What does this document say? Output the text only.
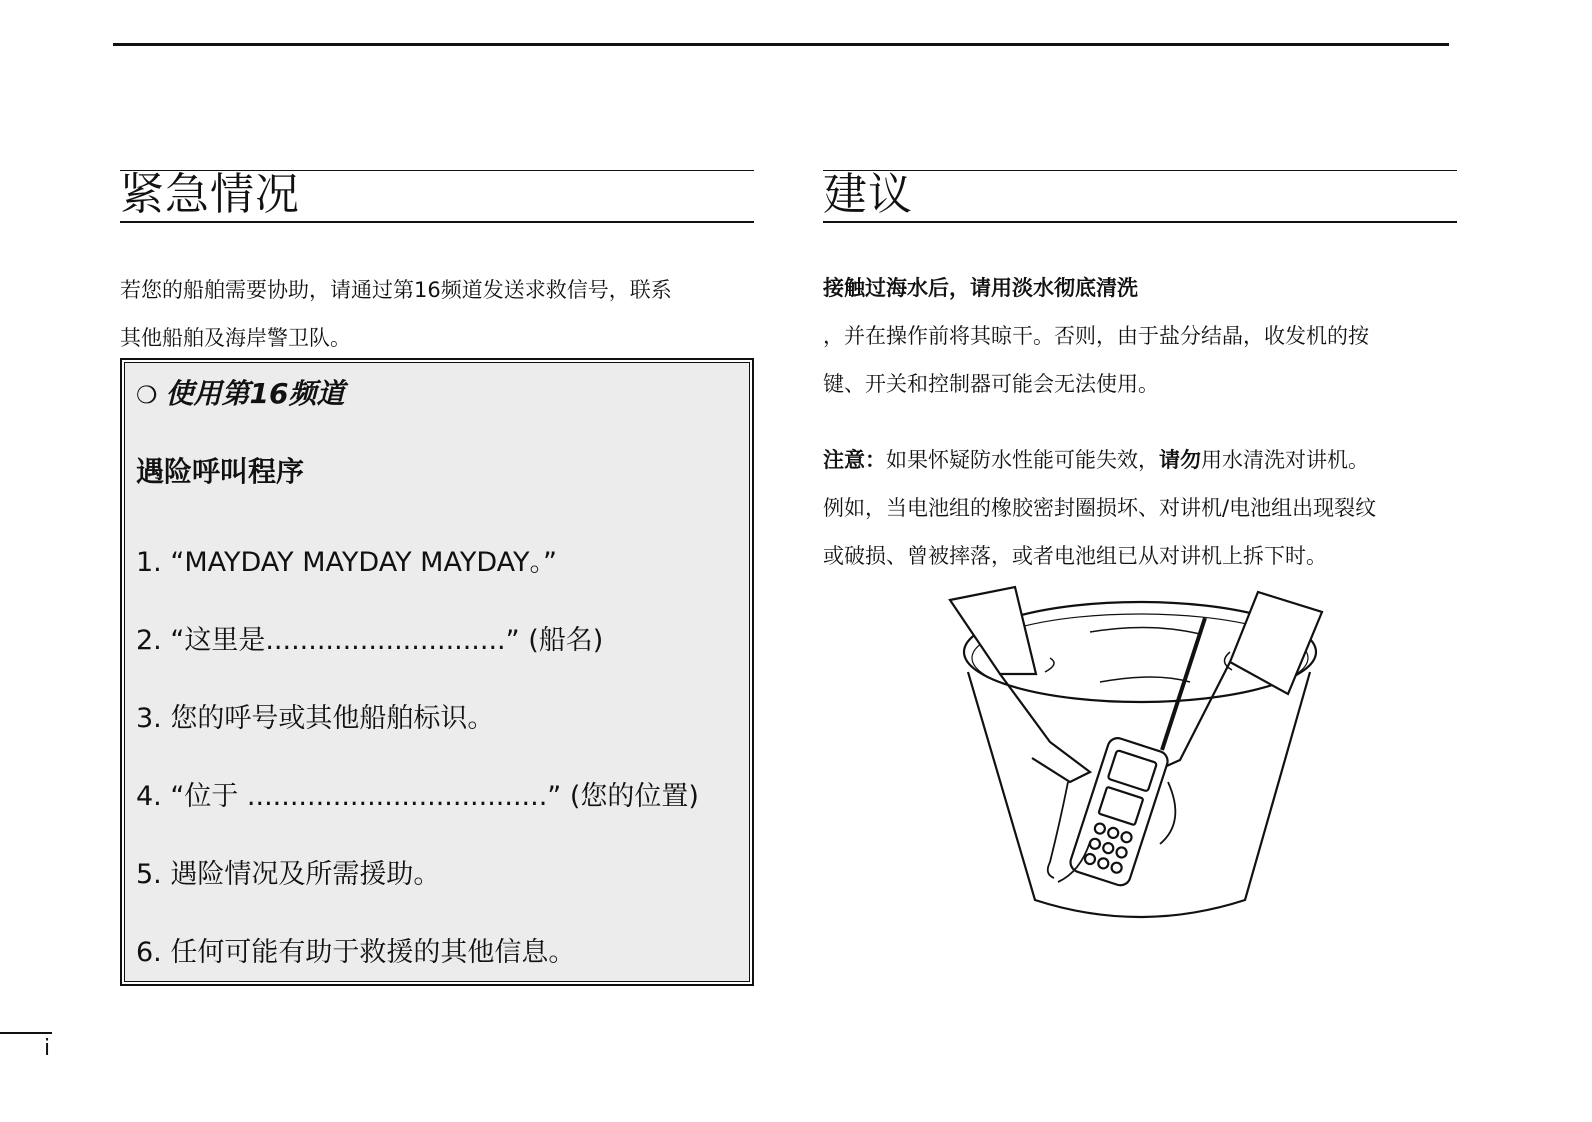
紧急情况
若您的船舶需要协助，请通过第16频道发送求救信号，联系
其他船舶及海岸警卫队。
❍ 使用第16频道
遇险呼叫程序
1. “MAYDAY MAYDAY MAYDAY。”
2. “这里是............................” (船名)
3. 您的呼号或其他船舶标识。
4. “位于 ...................................” (您的位置)
5. 遇险情况及所需援助。
6. 任何可能有助于救援的其他信息。
建议
接触过海水后，请用淡水彻底清洗
，并在操作前将其晾干。否则，由于盐分结晶，收发机的按
键、开关和控制器可能会无法使用。
注意：如果怀疑防水性能可能失效，请勿用水清洗对讲机。
例如，当电池组的橡胶密封圈损坏、对讲机/电池组出现裂纹
或破损、曾被摔落，或者电池组已从对讲机上拆下时。
i
